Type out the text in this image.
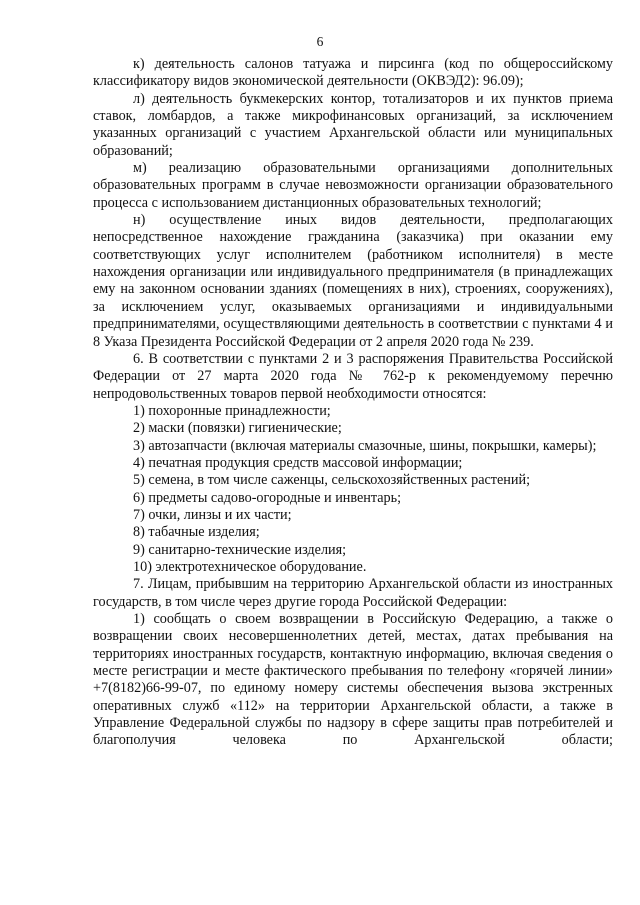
6

к) деятельность салонов татуажа и пирсинга (код по общероссийскому классификатору видов экономической деятельности (ОКВЭД2): 96.09);

л) деятельность букмекерских контор, тотализаторов и их пунктов приема ставок, ломбардов, а также микрофинансовых организаций, за исключением указанных организаций с участием Архангельской области или муниципальных образований;

м) реализацию образовательными организациями дополнительных образовательных программ в случае невозможности организации образовательного процесса с использованием дистанционных образовательных технологий;

н) осуществление иных видов деятельности, предполагающих непосредственное нахождение гражданина (заказчика) при оказании ему соответствующих услуг исполнителем (работником исполнителя) в месте нахождения организации или индивидуального предпринимателя (в принадлежащих ему на законном основании зданиях (помещениях в них), строениях, сооружениях), за исключением услуг, оказываемых организациями и индивидуальными предпринимателями, осуществляющими деятельность в соответствии с пунктами 4 и 8 Указа Президента Российской Федерации от 2 апреля 2020 года № 239.

6. В соответствии с пунктами 2 и 3 распоряжения Правительства Российской Федерации от 27 марта 2020 года № 762-р к рекомендуемому перечню непродовольственных товаров первой необходимости относятся:

1) похоронные принадлежности;

2) маски (повязки) гигиенические;

3) автозапчасти (включая материалы смазочные, шины, покрышки, камеры);

4) печатная продукция средств массовой информации;

5) семена, в том числе саженцы, сельскохозяйственных растений;

6) предметы садово-огородные и инвентарь;

7) очки, линзы и их части;

8) табачные изделия;

9) санитарно-технические изделия;

10) электротехническое оборудование.

7. Лицам, прибывшим на территорию Архангельской области из иностранных государств, в том числе через другие города Российской Федерации:

1) сообщать о своем возвращении в Российскую Федерацию, а также о возвращении своих несовершеннолетних детей, местах, датах пребывания на территориях иностранных государств, контактную информацию, включая сведения о месте регистрации и месте фактического пребывания по телефону «горячей линии» +7(8182)66-99-07, по единому номеру системы обеспечения вызова экстренных оперативных служб «112» на территории Архангельской области, а также в Управление Федеральной службы по надзору в сфере защиты прав потребителей и благополучия человека по Архангельской области;
